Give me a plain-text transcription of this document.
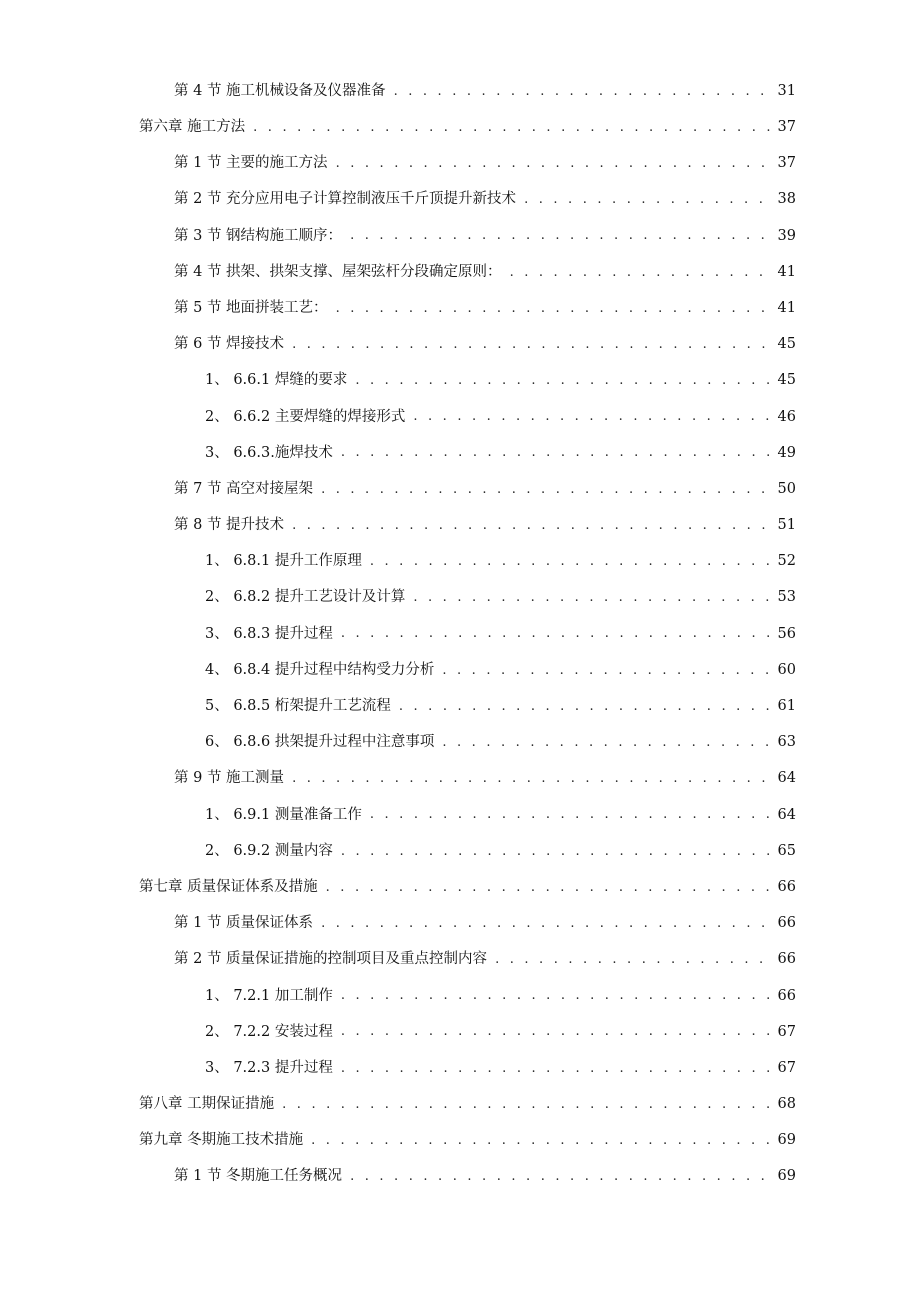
第 4 节 施工机械设备及仪器准备 . . .	31
第六章 施工方法 . . .	37
第 1 节 主要的施工方法 . . .	37
第 2 节 充分应用电子计算控制液压千斤顶提升新技术 . . .	38
第 3 节 钢结构施工顺序： . . .	39
第 4 节 拱架、拱架支撑、屋架弦杆分段确定原则： . . .	41
第 5 节 地面拼装工艺： . . .	41
第 6 节 焊接技术 . . .	45
1、 6.6.1 焊缝的要求 . . .	45
2、 6.6.2 主要焊缝的焊接形式 . . .	46
3、 6.6.3.施焊技术 . . .	49
第 7 节 高空对接屋架 . . .	50
第 8 节 提升技术 . . .	51
1、 6.8.1 提升工作原理 . . .	52
2、 6.8.2 提升工艺设计及计算 . . .	53
3、 6.8.3 提升过程 . . .	56
4、 6.8.4 提升过程中结构受力分析 . . .	60
5、 6.8.5 桁架提升工艺流程 . . .	61
6、 6.8.6 拱架提升过程中注意事项 . . .	63
第 9 节 施工测量 . . .	64
1、 6.9.1 测量准备工作 . . .	64
2、 6.9.2 测量内容 . . .	65
第七章 质量保证体系及措施 . . .	66
第 1 节 质量保证体系 . . .	66
第 2 节 质量保证措施的控制项目及重点控制内容 . . .	66
1、 7.2.1 加工制作 . . .	66
2、 7.2.2 安装过程 . . .	67
3、 7.2.3 提升过程 . . .	67
第八章 工期保证措施 . . .	68
第九章 冬期施工技术措施 . . .	69
第 1 节 冬期施工任务概况 . . .	69
